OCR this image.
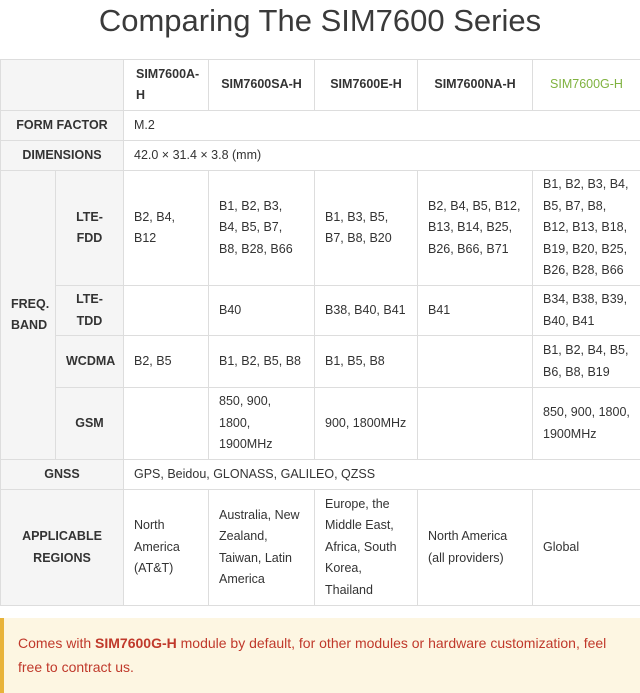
Comparing The SIM7600 Series
		SIM7600A-H	SIM7600SA-H	SIM7600E-H	SIM7600NA-H	SIM7600G-H
FORM FACTOR		M.2				
DIMENSIONS		42.0 × 31.4 × 3.8 (mm)				
FREQ. BAND	LTE-FDD	B2, B4, B12	B1, B2, B3, B4, B5, B7, B8, B28, B66	B1, B3, B5, B7, B8, B20	B2, B4, B5, B12, B13, B14, B25, B26, B66, B71	B1, B2, B3, B4, B5, B7, B8, B12, B13, B18, B19, B20, B25, B26, B28, B66
	LTE-TDD		B40	B38, B40, B41	B41	B34, B38, B39, B40, B41
	WCDMA	B2, B5	B1, B2, B5, B8	B1, B5, B8		B1, B2, B4, B5, B6, B8, B19
	GSM		850, 900, 1800, 1900MHz	900, 1800MHz		850, 900, 1800, 1900MHz
GNSS		GPS, Beidou, GLONASS, GALILEO, QZSS				
APPLICABLE REGIONS		North America (AT&T)	Australia, New Zealand, Taiwan, Latin America	Europe, the Middle East, Africa, South Korea, Thailand	North America (all providers)	Global
Comes with SIM7600G-H module by default, for other modules or hardware customization, feel free to contract us.
